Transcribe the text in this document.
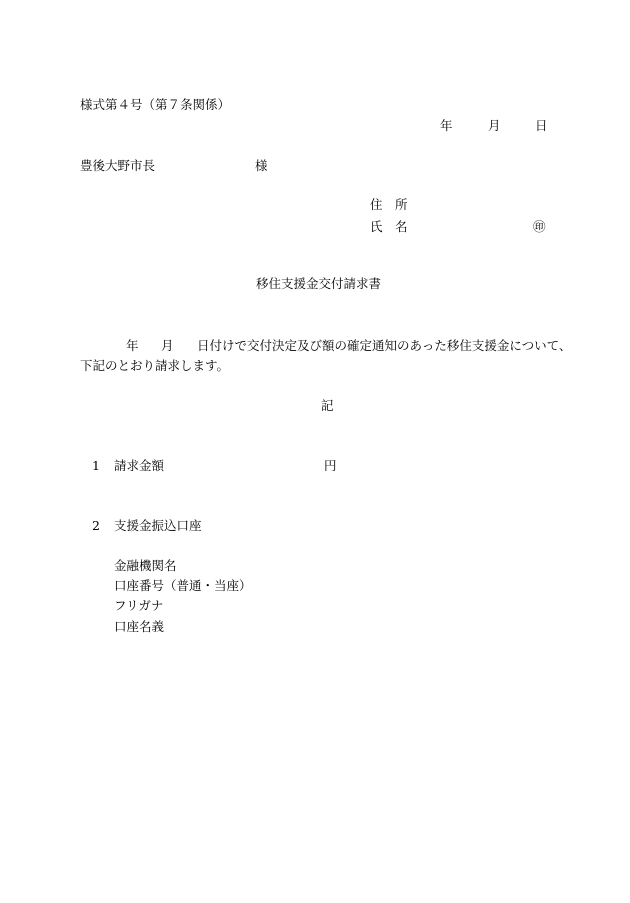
様式第４号（第７条関係）
年	月	日
豊後大野市長	様
住　所
氏　名	㊞
移住支援金交付請求書
年 月 日付けで交付決定及び額の確定通知のあった移住支援金について、
下記のとおり請求します。
記
1 請求金額	円
2 支援金振込口座
金融機関名
口座番号（普通・当座）
フリガナ
口座名義
